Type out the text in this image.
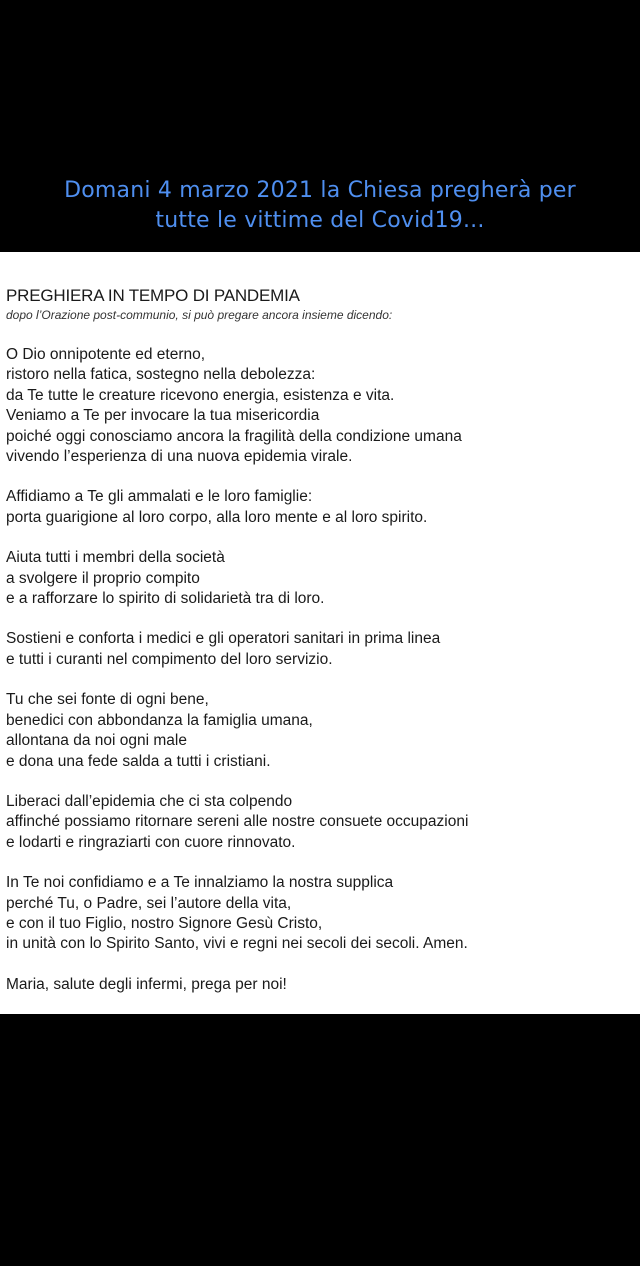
Domani 4 marzo 2021 la Chiesa pregherà per
tutte le vittime del Covid19...
PREGHIERA IN TEMPO DI PANDEMIA
dopo l’Orazione post-communio, si può pregare ancora insieme dicendo:
O Dio onnipotente ed eterno,
ristoro nella fatica, sostegno nella debolezza:
da Te tutte le creature ricevono energia, esistenza e vita.
Veniamo a Te per invocare la tua misericordia
poiché oggi conosciamo ancora la fragilità della condizione umana
vivendo l’esperienza di una nuova epidemia virale.
Affidiamo a Te gli ammalati e le loro famiglie:
porta guarigione al loro corpo, alla loro mente e al loro spirito.
Aiuta tutti i membri della società
a svolgere il proprio compito
e a rafforzare lo spirito di solidarietà tra di loro.
Sostieni e conforta i medici e gli operatori sanitari in prima linea
e tutti i curanti nel compimento del loro servizio.
Tu che sei fonte di ogni bene,
benedici con abbondanza la famiglia umana,
allontana da noi ogni male
e dona una fede salda a tutti i cristiani.
Liberaci dall’epidemia che ci sta colpendo
affinché possiamo ritornare sereni alle nostre consuete occupazioni
e lodarti e ringraziarti con cuore rinnovato.
In Te noi confidiamo e a Te innalziamo la nostra supplica
perché Tu, o Padre, sei l’autore della vita,
e con il tuo Figlio, nostro Signore Gesù Cristo,
in unità con lo Spirito Santo, vivi e regni nei secoli dei secoli. Amen.
Maria, salute degli infermi, prega per noi!
